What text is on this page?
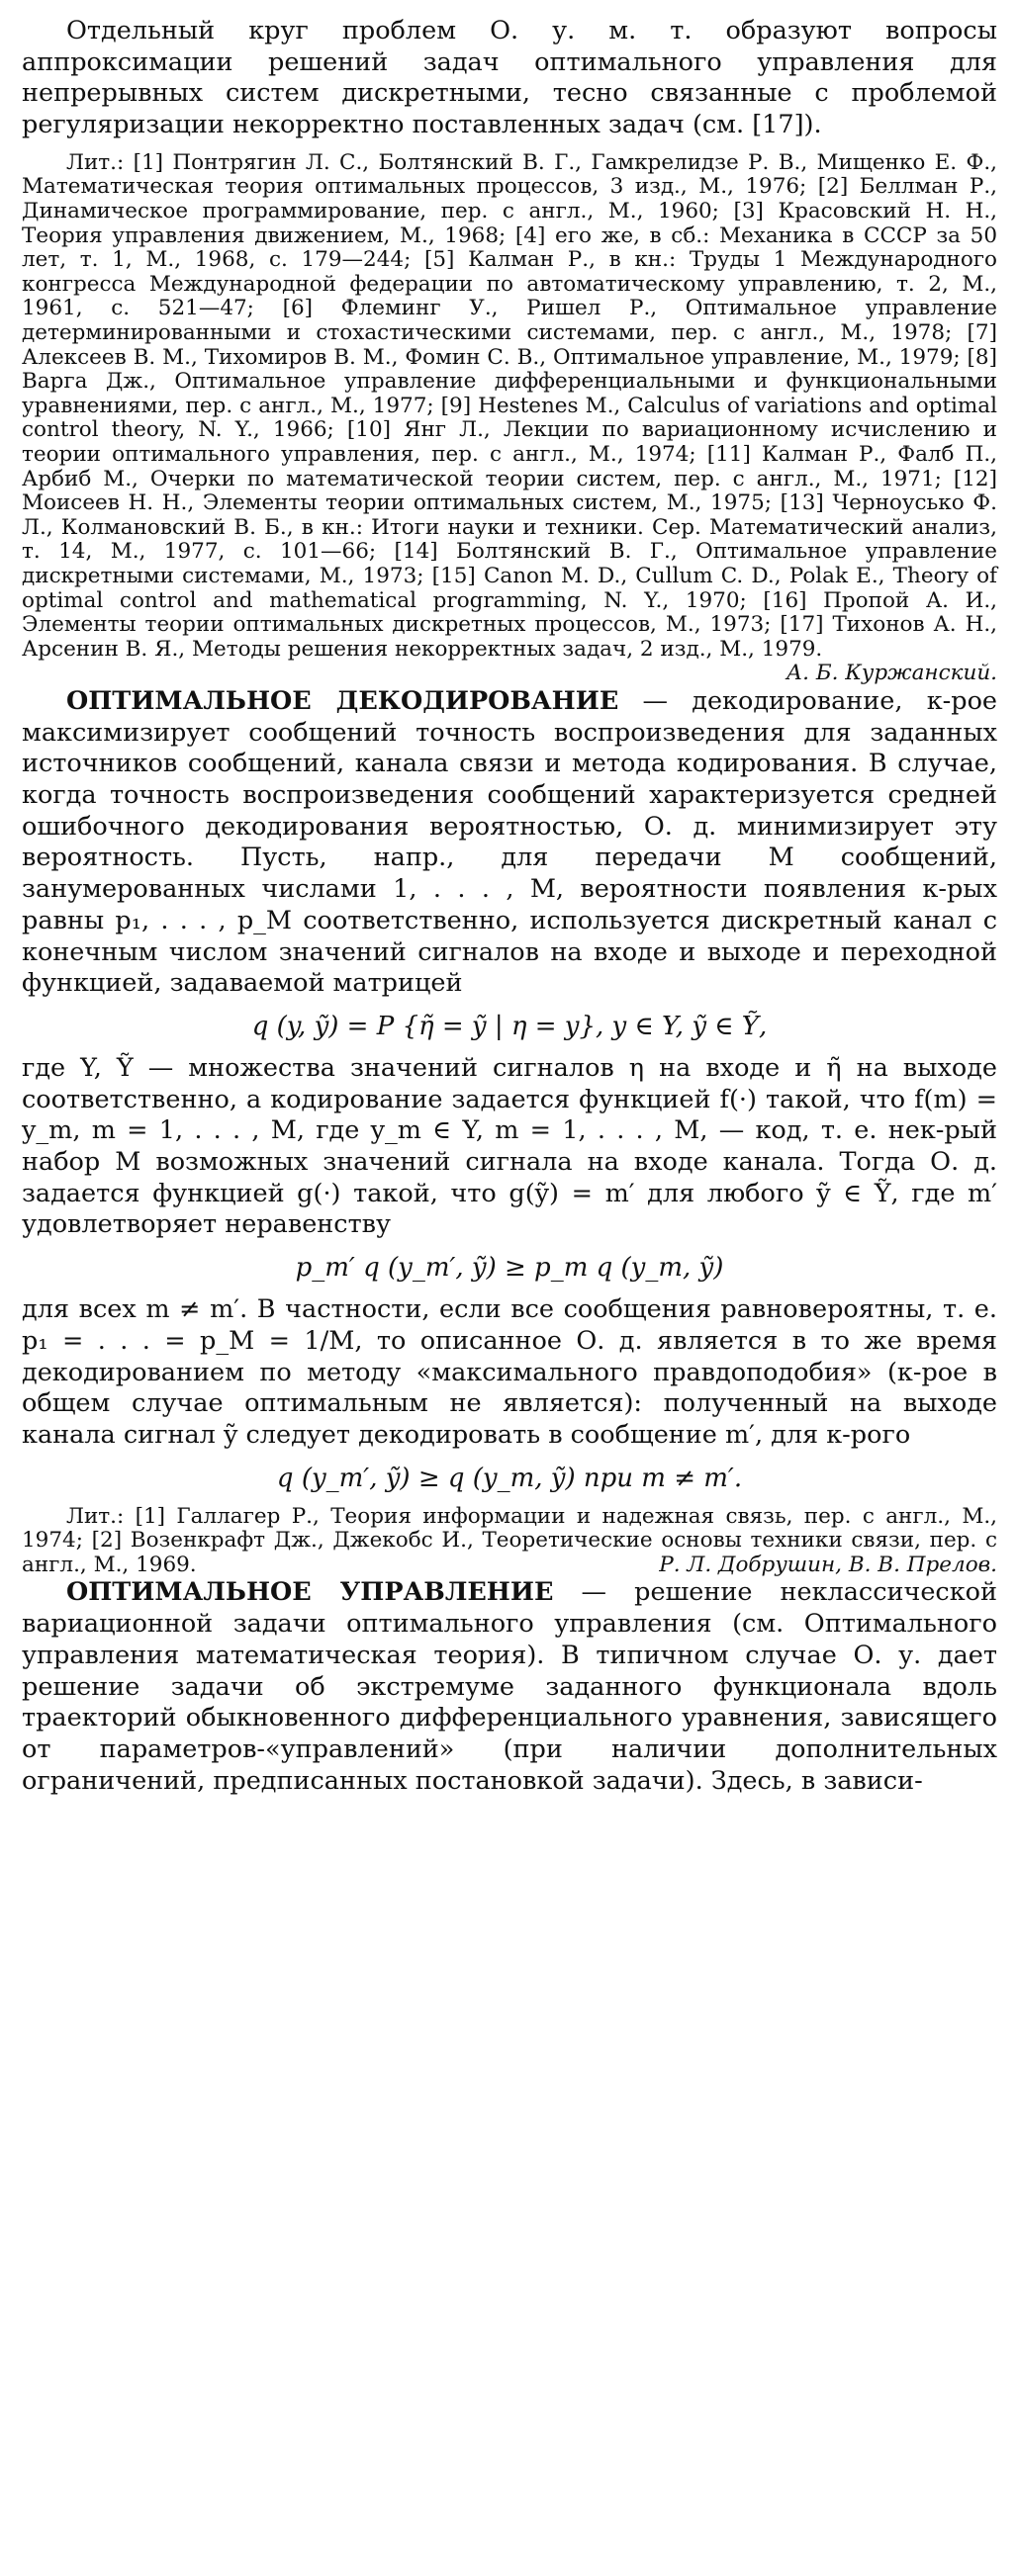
Отдельный круг проблем О. у. м. т. образуют вопросы аппроксимации решений задач оптимального управления для непрерывных систем дискретными, тесно связанные с проблемой регуляризации некорректно поставленных задач (см. [17]).

Лит.: [1] Понтрягин Л. С., Болтянский В. Г., Гамкрелидзе Р. В., Мищенко Е. Ф., Математическая теория оптимальных процессов, 3 изд., М., 1976; [2] Беллман Р., Динамическое программирование, пер. с англ., М., 1960; [3] Красовский Н. Н., Теория управления движением, М., 1968; [4] его же, в сб.: Механика в СССР за 50 лет, т. 1, М., 1968, с. 179—244; [5] Калман Р., в кн.: Труды 1 Международного конгресса Международной федерации по автоматическому управлению, т. 2, М., 1961, с. 521—47; [6] Флеминг У., Ришел Р., Оптимальное управление детерминированными и стохастическими системами, пер. с англ., М., 1978; [7] Алексеев В. М., Тихомиров В. М., Фомин С. В., Оптимальное управление, М., 1979; [8] Варга Дж., Оптимальное управление дифференциальными и функциональными уравнениями, пер. с англ., М., 1977; [9] Hestenes M., Calculus of variations and optimal control theory, N. Y., 1966; [10] Янг Л., Лекции по вариационному исчислению и теории оптимального управления, пер. с англ., М., 1974; [11] Калман Р., Фалб П., Арбиб М., Очерки по математической теории систем, пер. с англ., М., 1971; [12] Моисеев Н. Н., Элементы теории оптимальных систем, М., 1975; [13] Черноусько Ф. Л., Колмановский В. Б., в кн.: Итоги науки и техники. Сер. Математический анализ, т. 14, М., 1977, с. 101—66; [14] Болтянский В. Г., Оптимальное управление дискретными системами, М., 1973; [15] Canon M. D., Cullum C. D., Polak E., Theory of optimal control and mathematical programming, N. Y., 1970; [16] Пропой А. И., Элементы теории оптимальных дискретных процессов, М., 1973; [17] Тихонов А. Н., Арсенин В. Я., Методы решения некорректных задач, 2 изд., М., 1979.
А. Б. Куржанский.

ОПТИМАЛЬНОЕ ДЕКОДИРОВАНИЕ — декодирование, к-рое максимизирует сообщений точность воспроизведения для заданных источников сообщений, канала связи и метода кодирования. В случае, когда точность воспроизведения сообщений характеризуется средней ошибочного декодирования вероятностью, О. д. минимизирует эту вероятность. Пусть, напр., для передачи M сообщений, занумерованных числами 1, . . . , M, вероятности появления к-рых равны p₁, . . . , p_M соответственно, используется дискретный канал с конечным числом значений сигналов на входе и выходе и переходной функцией, задаваемой матрицей

q (y, ỹ) = P {η̃ = ỹ | η = y}, y ∈ Y, ỹ ∈ Ỹ,

где Y, Ỹ — множества значений сигналов η на входе и η̃ на выходе соответственно, а кодирование задается функцией f(·) такой, что f(m) = y_m, m = 1, . . . , M, где y_m ∈ Y, m = 1, . . . , M, — код, т. е. нек-рый набор M возможных значений сигнала на входе канала. Тогда О. д. задается функцией g(·) такой, что g(ỹ) = m′ для любого ỹ ∈ Ỹ, где m′ удовлетворяет неравенству

p_m′ q (y_m′, ỹ) ≥ p_m q (y_m, ỹ)

для всех m ≠ m′. В частности, если все сообщения равновероятны, т. е. p₁ = . . . = p_M = 1/M, то описанное О. д. является в то же время декодированием по методу «максимального правдоподобия» (к-рое в общем случае оптимальным не является): полученный на выходе канала сигнал ỹ следует декодировать в сообщение m′, для к-рого

q (y_m′, ỹ) ≥ q (y_m, ỹ) при m ≠ m′.

Лит.: [1] Галлагер Р., Теория информации и надежная связь, пер. с англ., М., 1974; [2] Возенкрафт Дж., Джекобс И., Теоретические основы техники связи, пер. с англ., М., 1969.	Р. Л. Добрушин, В. В. Прелов.

ОПТИМАЛЬНОЕ УПРАВЛЕНИЕ — решение неклассической вариационной задачи оптимального управления (см. Оптимального управления математическая теория). В типичном случае О. у. дает решение задачи об экстремуме заданного функционала вдоль траекторий обыкновенного дифференциального уравнения, зависящего от параметров-«управлений» (при наличии дополнительных ограничений, предписанных постановкой задачи). Здесь, в зависи-
